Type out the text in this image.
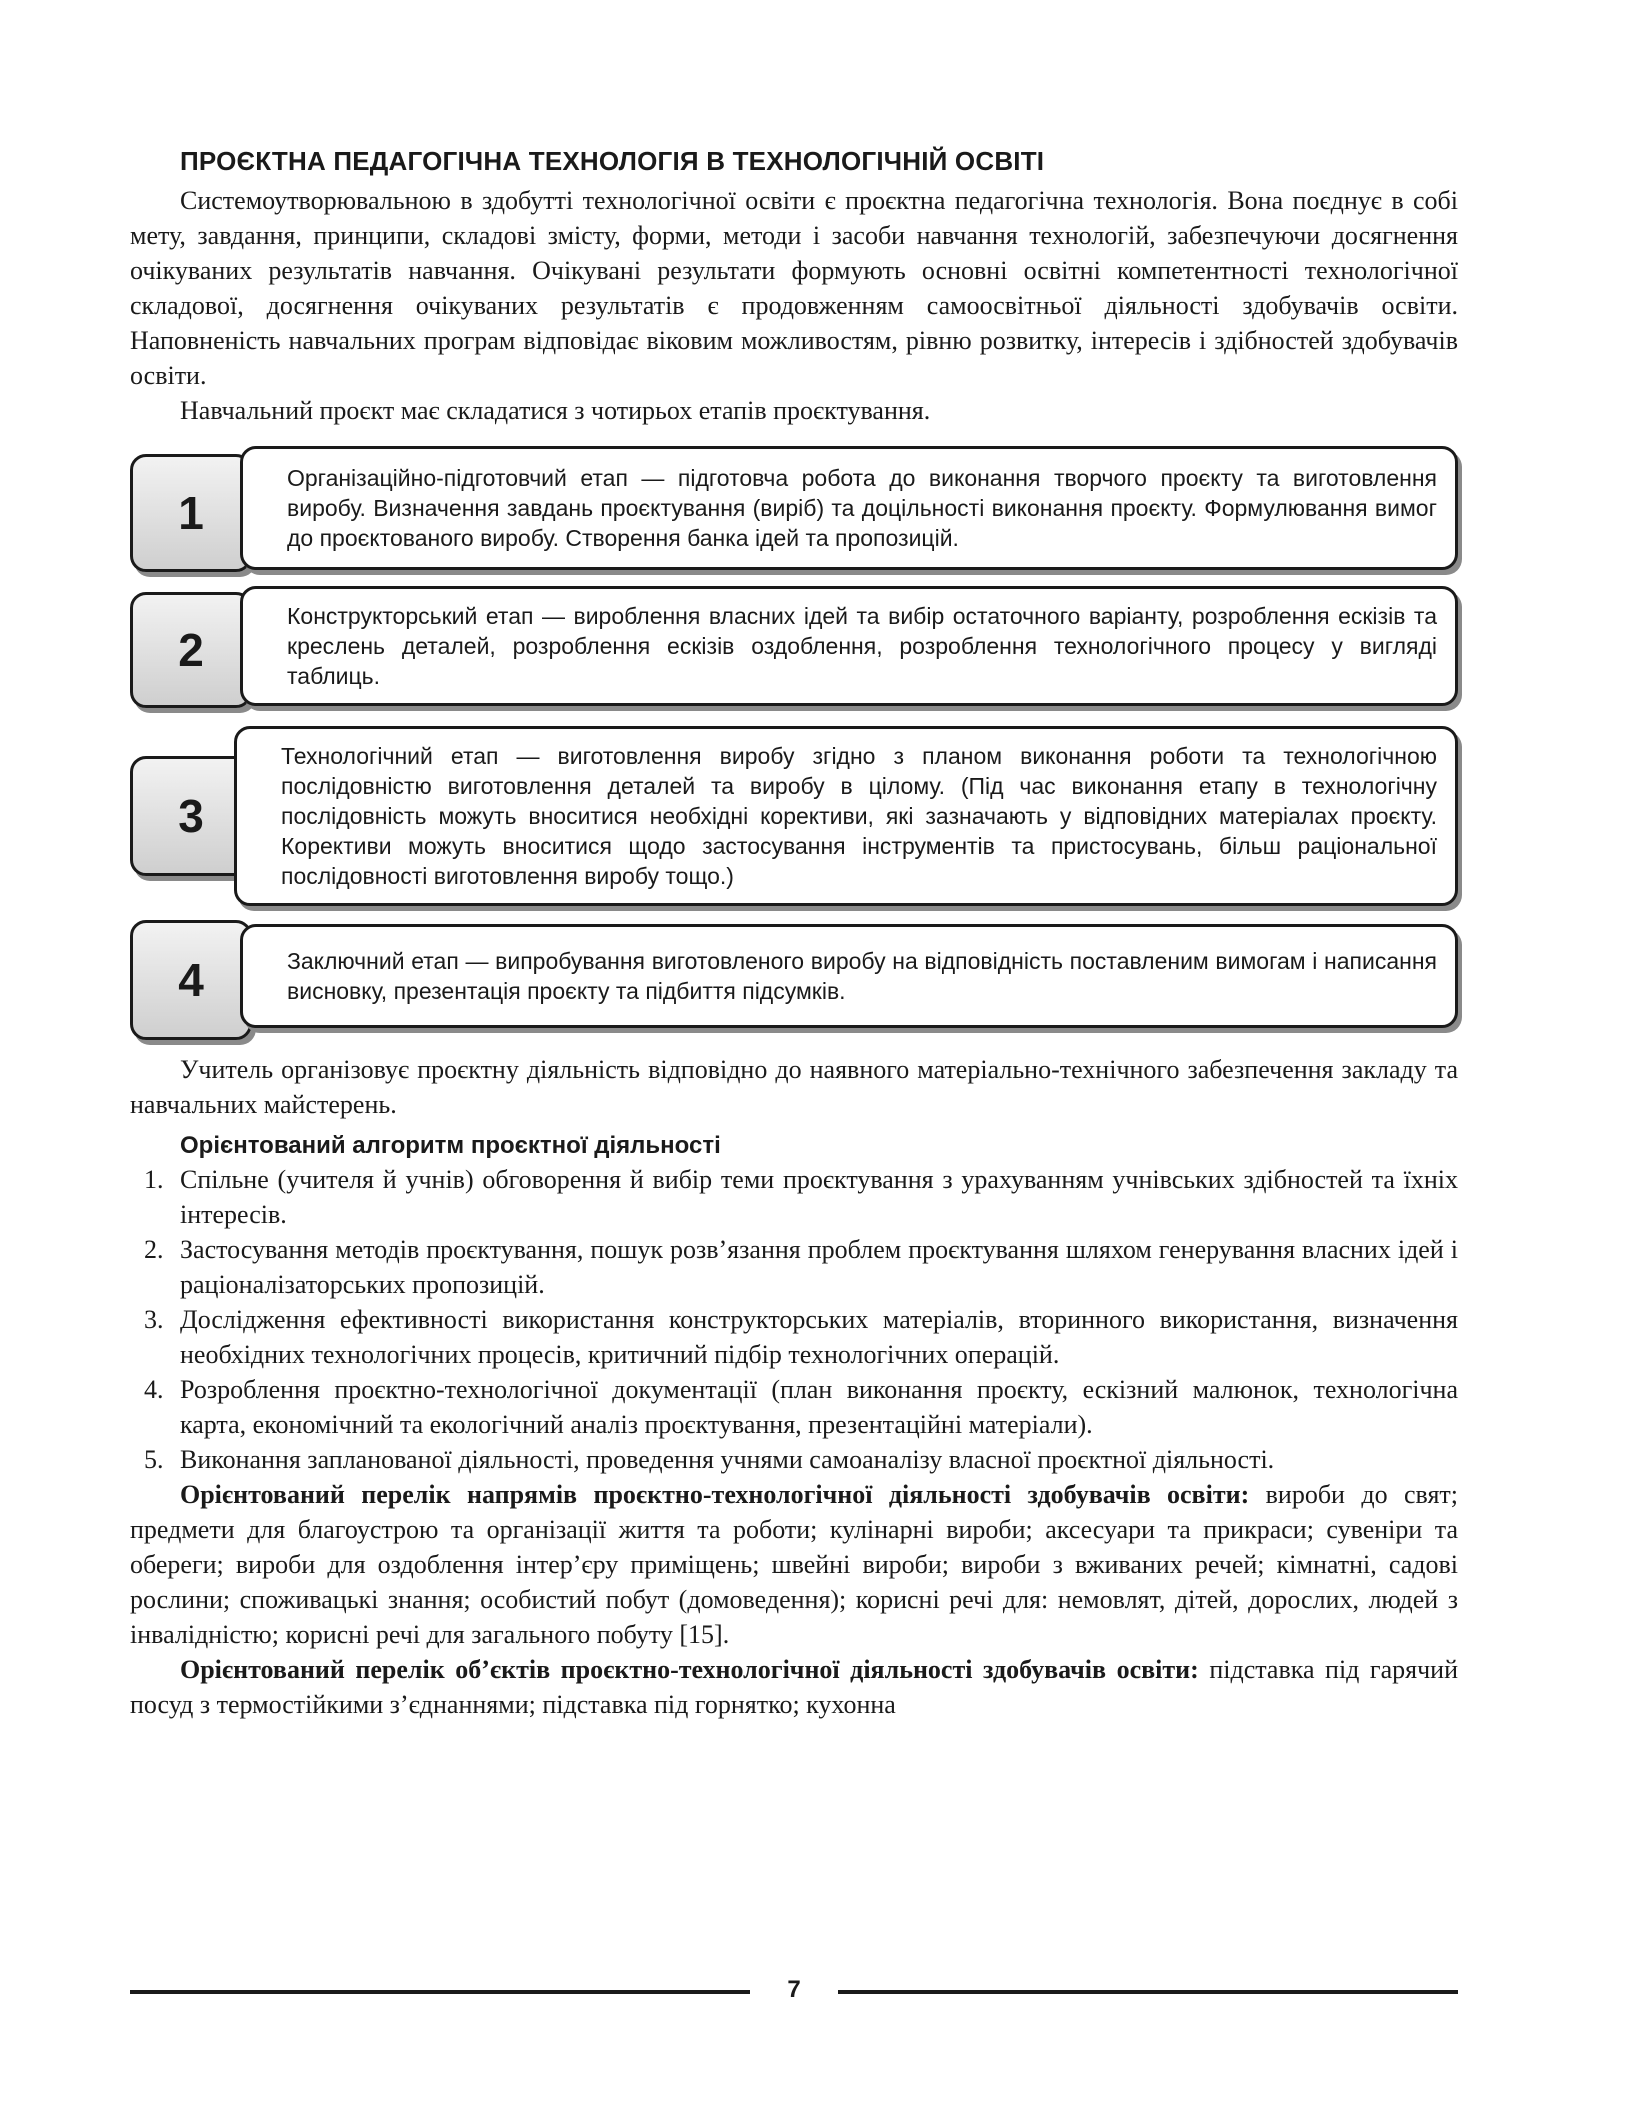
ПРОЄКТНА ПЕДАГОГІЧНА ТЕХНОЛОГІЯ В ТЕХНОЛОГІЧНІЙ ОСВІТІ

Системоутворювальною в здобутті технологічної освіти є проєктна педагогічна технологія. Вона поєднує в собі мету, завдання, принципи, складові змісту, форми, методи і засоби навчання технологій, забезпечуючи досягнення очікуваних результатів навчання. Очікувані результати формують основні освітні компетентності технологічної складової, досягнення очікуваних результатів є продовженням самоосвітньої діяльності здобувачів освіти. Наповненість навчальних програм відповідає віковим можливостям, рівню розвитку, інтересів і здібностей здобувачів освіти.

Навчальний проєкт має складатися з чотирьох етапів проєктування.

1
Організаційно-підготовчий етап — підготовча робота до виконання творчого проєкту та виготовлення виробу. Визначення завдань проєктування (виріб) та доцільності виконання проєкту. Формулювання вимог до проєктованого виробу. Створення банка ідей та пропозицій.
2
Конструкторський етап — вироблення власних ідей та вибір остаточного варіанту, розроблення ескізів та креслень деталей, розроблення ескізів оздоблення, розроблення технологічного процесу у вигляді таблиць.
3
Технологічний етап — виготовлення виробу згідно з планом виконання роботи та технологічною послідовністю виготовлення деталей та виробу в цілому. (Під час виконання етапу в технологічну послідовність можуть вноситися необхідні корективи, які зазначають у відповідних матеріалах проєкту. Корективи можуть вноситися щодо застосування інструментів та пристосувань, більш раціональної послідовності виготовлення виробу тощо.)
4	Заключний етап — випробування виготовленого виробу на відповідність поставленим вимогам і написання висновку, презентація проєкту та підбиття підсумків.

Учитель організовує проєктну діяльність відповідно до наявного матеріально-технічного забезпечення закладу та навчальних майстерень.

Орієнтований алгоритм проєктної діяльності
1. Спільне (учителя й учнів) обговорення й вибір теми проєктування з урахуванням учнівських здібностей та їхніх інтересів.
2. Застосування методів проєктування, пошук розв’язання проблем проєктування шляхом генерування власних ідей і раціоналізаторських пропозицій.
3. Дослідження ефективності використання конструкторських матеріалів, вторинного використання, визначення необхідних технологічних процесів, критичний підбір технологічних операцій.
4. Розроблення проєктно-технологічної документації (план виконання проєкту, ескізний малюнок, технологічна карта, економічний та екологічний аналіз проєктування, презентаційні матеріали).
5. Виконання запланованої діяльності, проведення учнями самоаналізу власної проєктної діяльності.

Орієнтований перелік напрямів проєктно-технологічної діяльності здобувачів освіти: вироби до свят; предмети для благоустрою та організації життя та роботи; кулінарні вироби; аксесуари та прикраси; сувеніри та обереги; вироби для оздоблення інтер’єру приміщень; швейні вироби; вироби з вживаних речей; кімнатні, садові рослини; споживацькі знання; особистий побут (домоведення); корисні речі для: немовлят, дітей, дорослих, людей з інвалідністю; корисні речі для загального побуту [15].

Орієнтований перелік об’єктів проєктно-технологічної діяльності здобувачів освіти: підставка під гарячий посуд з термостійкими з’єднаннями; підставка під горнятко; кухонна

7
